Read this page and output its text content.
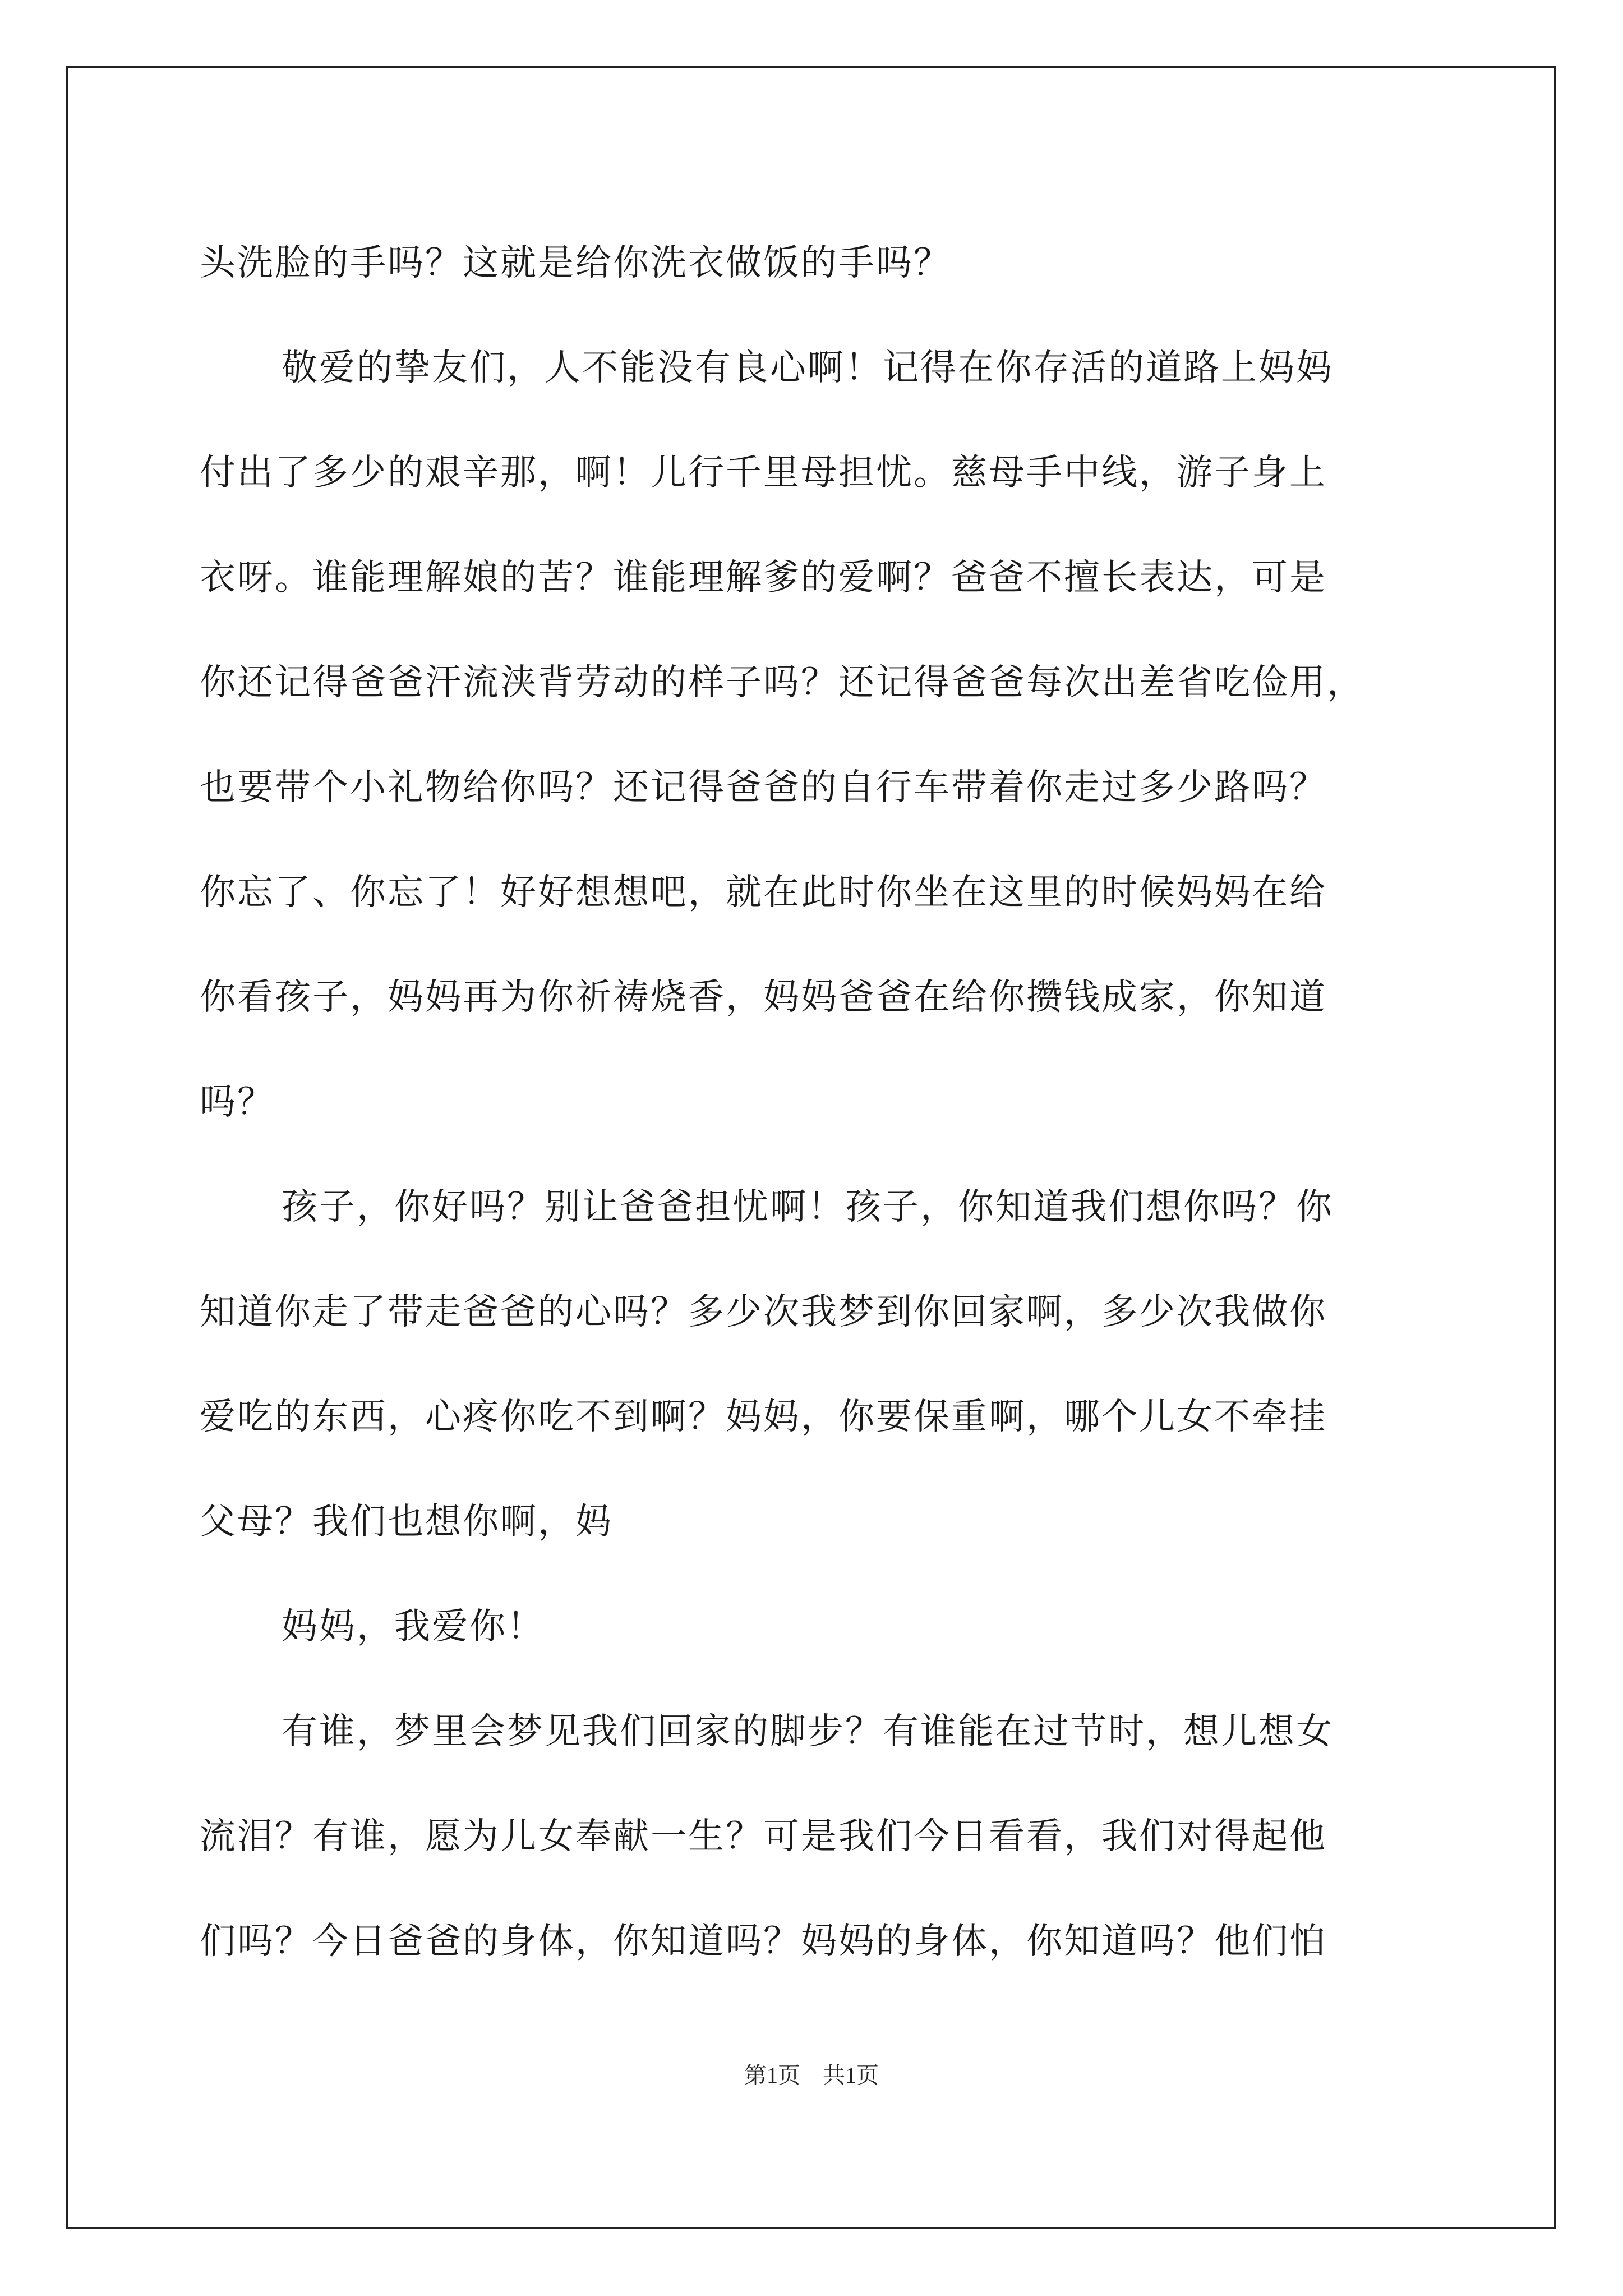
头洗脸的手吗？这就是给你洗衣做饭的手吗？
敬爱的挚友们，人不能没有良心啊！记得在你存活的道路上妈妈
付出了多少的艰辛那，啊！儿行千里母担忧。慈母手中线，游子身上
衣呀。谁能理解娘的苦？谁能理解爹的爱啊？爸爸不擅长表达，可是
你还记得爸爸汗流浃背劳动的样子吗？还记得爸爸每次出差省吃俭用，
也要带个小礼物给你吗？还记得爸爸的自行车带着你走过多少路吗？
你忘了、你忘了！好好想想吧，就在此时你坐在这里的时候妈妈在给
你看孩子，妈妈再为你祈祷烧香，妈妈爸爸在给你攒钱成家，你知道
吗？
孩子，你好吗？别让爸爸担忧啊！孩子，你知道我们想你吗？你
知道你走了带走爸爸的心吗？多少次我梦到你回家啊，多少次我做你
爱吃的东西，心疼你吃不到啊？妈妈，你要保重啊，哪个儿女不牵挂
父母？我们也想你啊，妈
妈妈，我爱你！
有谁，梦里会梦见我们回家的脚步？有谁能在过节时，想儿想女
流泪？有谁，愿为儿女奉献一生？可是我们今日看看，我们对得起他
们吗？今日爸爸的身体，你知道吗？妈妈的身体，你知道吗？他们怕
第1页　共1页
